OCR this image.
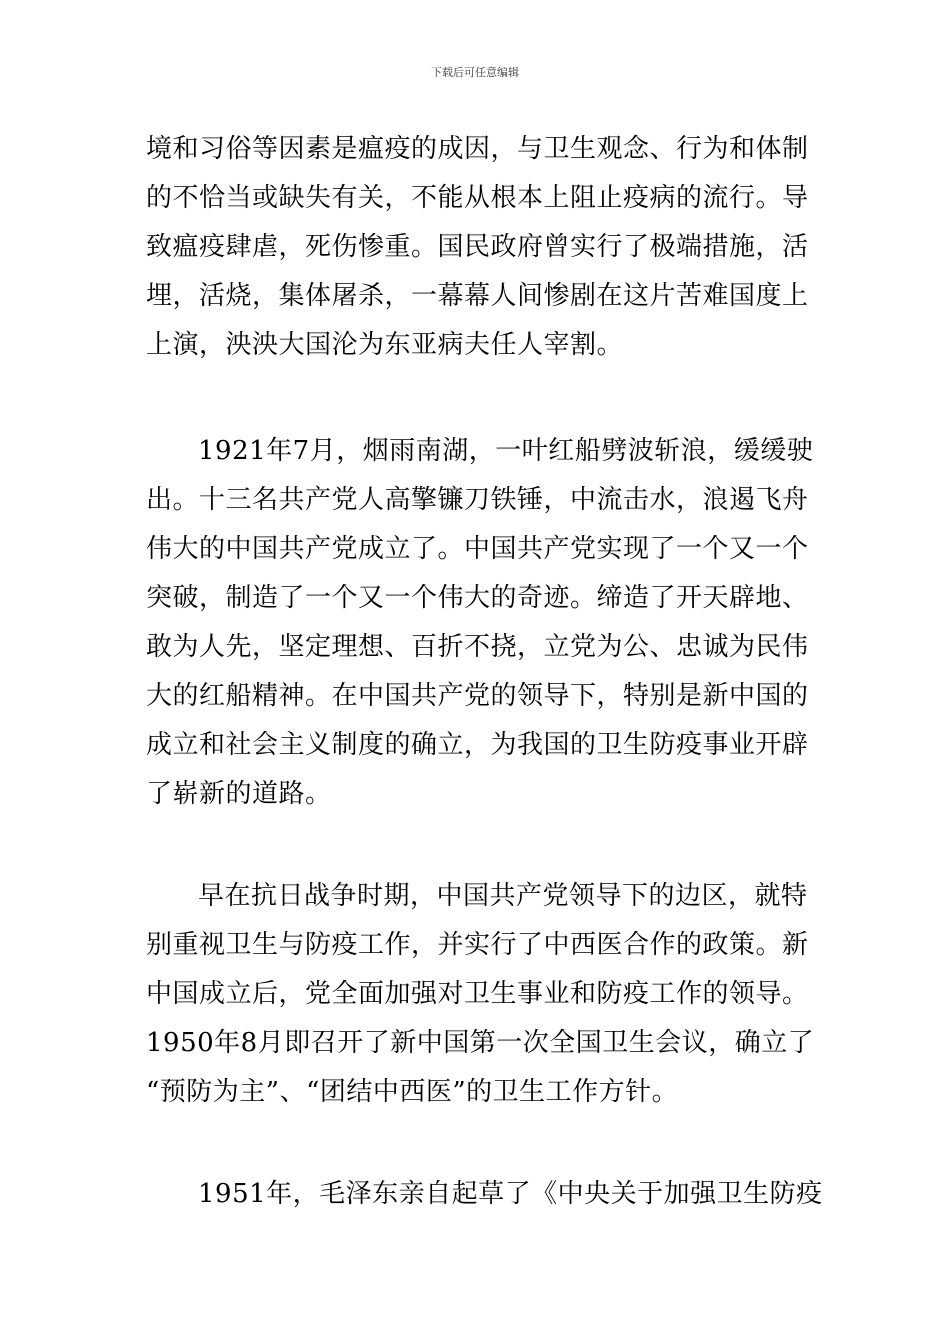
下载后可任意编辑
境和习俗等因素是瘟疫的成因，与卫生观念、行为和体制
的不恰当或缺失有关，不能从根本上阻止疫病的流行。导
致瘟疫肆虐，死伤惨重。国民政府曾实行了极端措施，活
埋，活烧，集体屠杀，一幕幕人间惨剧在这片苦难国度上
上演，泱泱大国沦为东亚病夫任人宰割。
1921年7月，烟雨南湖，一叶红船劈波斩浪，缓缓驶
出。十三名共产党人高擎镰刀铁锤，中流击水，浪遏飞舟
伟大的中国共产党成立了。中国共产党实现了一个又一个
突破，制造了一个又一个伟大的奇迹。缔造了开天辟地、
敢为人先，坚定理想、百折不挠，立党为公、忠诚为民伟
大的红船精神。在中国共产党的领导下，特别是新中国的
成立和社会主义制度的确立，为我国的卫生防疫事业开辟
了崭新的道路。
早在抗日战争时期，中国共产党领导下的边区，就特
别重视卫生与防疫工作，并实行了中西医合作的政策。新
中国成立后，党全面加强对卫生事业和防疫工作的领导。
1950年8月即召开了新中国第一次全国卫生会议，确立了
“预防为主”、“团结中西医”的卫生工作方针。
1951年，毛泽东亲自起草了《中央关于加强卫生防疫
